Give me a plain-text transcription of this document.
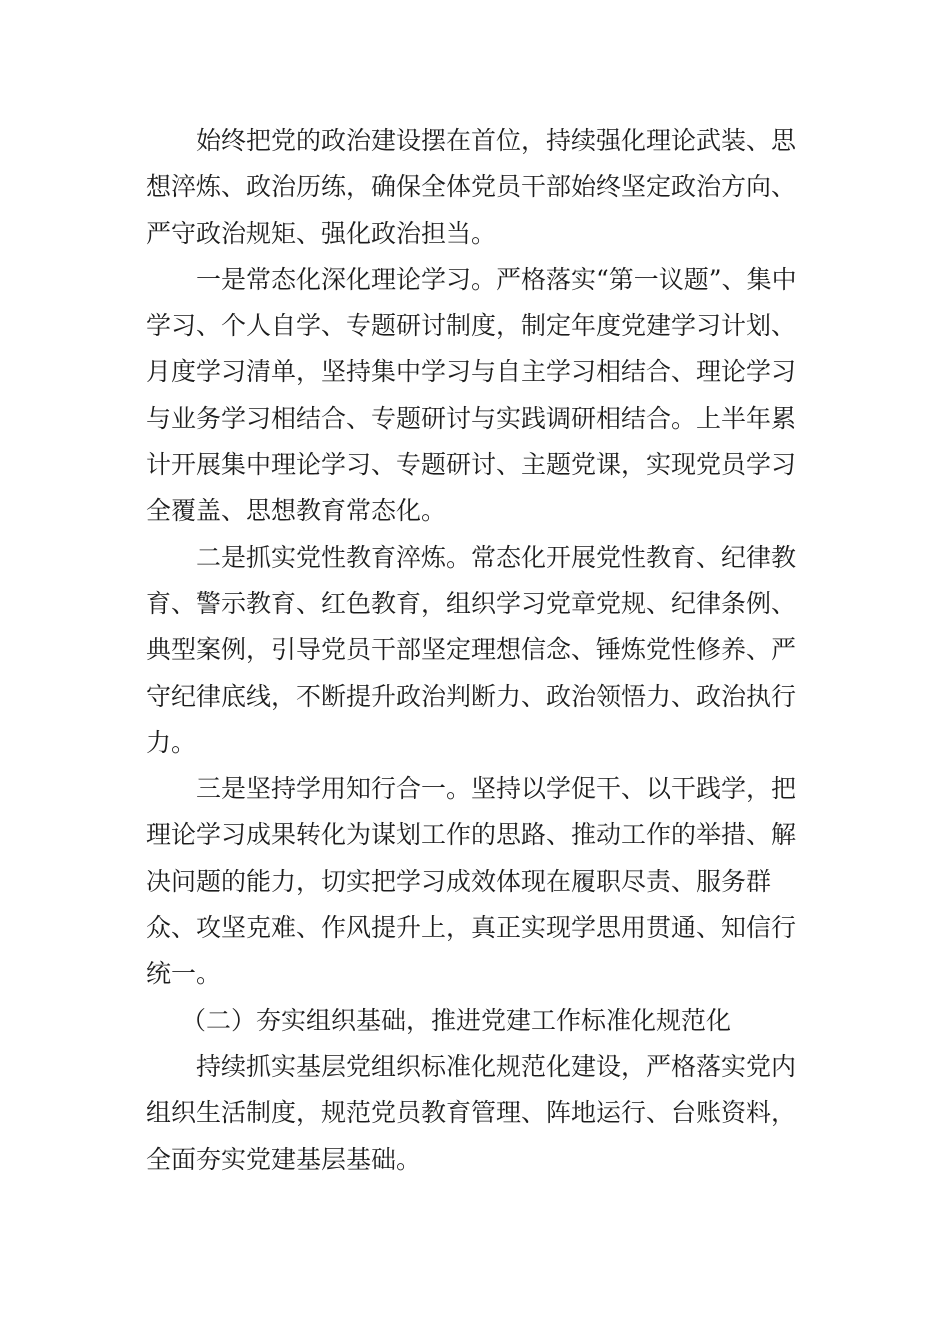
始终把党的政治建设摆在首位，持续强化理论武装、思想淬炼、政治历练，确保全体党员干部始终坚定政治方向、严守政治规矩、强化政治担当。

一是常态化深化理论学习。严格落实“第一议题”、集中学习、个人自学、专题研讨制度，制定年度党建学习计划、月度学习清单，坚持集中学习与自主学习相结合、理论学习与业务学习相结合、专题研讨与实践调研相结合。上半年累计开展集中理论学习、专题研讨、主题党课，实现党员学习全覆盖、思想教育常态化。

二是抓实党性教育淬炼。常态化开展党性教育、纪律教育、警示教育、红色教育，组织学习党章党规、纪律条例、典型案例，引导党员干部坚定理想信念、锤炼党性修养、严守纪律底线，不断提升政治判断力、政治领悟力、政治执行力。

三是坚持学用知行合一。坚持以学促干、以干践学，把理论学习成果转化为谋划工作的思路、推动工作的举措、解决问题的能力，切实把学习成效体现在履职尽责、服务群众、攻坚克难、作风提升上，真正实现学思用贯通、知信行统一。

（二）夯实组织基础，推进党建工作标准化规范化

持续抓实基层党组织标准化规范化建设，严格落实党内组织生活制度，规范党员教育管理、阵地运行、台账资料，全面夯实党建基层基础。
